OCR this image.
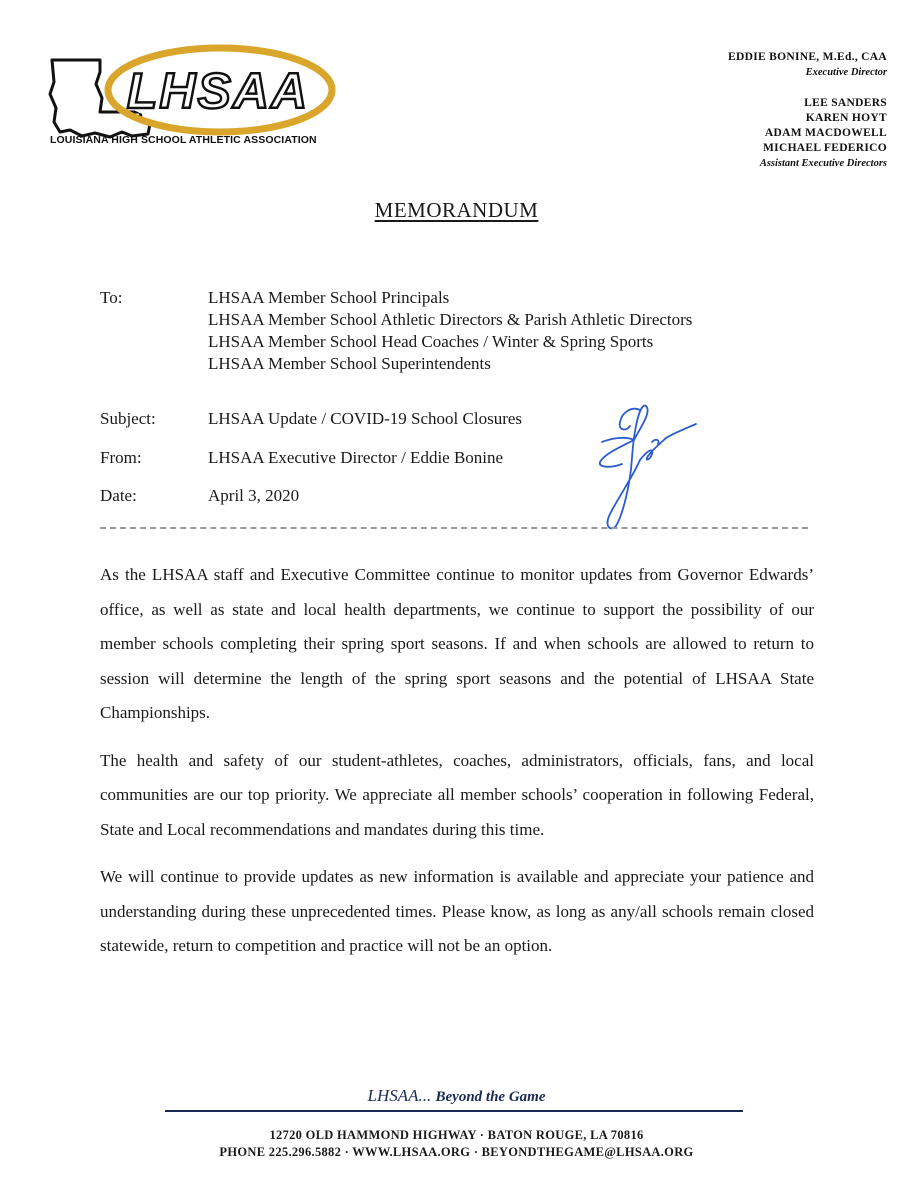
LHSAA
LOUISIANA HIGH SCHOOL ATHLETIC ASSOCIATION
EDDIE BONINE, M.Ed., CAA
Executive Director
LEE SANDERS
KAREN HOYT
ADAM MACDOWELL
MICHAEL FEDERICO
Assistant Executive Directors
MEMORANDUM
To:	LHSAA Member School Principals
LHSAA Member School Athletic Directors & Parish Athletic Directors
LHSAA Member School Head Coaches / Winter & Spring Sports
LHSAA Member School Superintendents
Subject:	LHSAA Update / COVID-19 School Closures
From:	LHSAA Executive Director / Eddie Bonine
Date:	April 3, 2020

As the LHSAA staff and Executive Committee continue to monitor updates from Governor Edwards’ office, as well as state and local health departments, we continue to support the possibility of our member schools completing their spring sport seasons. If and when schools are allowed to return to session will determine the length of the spring sport seasons and the potential of LHSAA State Championships.

The health and safety of our student-athletes, coaches, administrators, officials, fans, and local communities are our top priority. We appreciate all member schools’ cooperation in following Federal, State and Local recommendations and mandates during this time.

We will continue to provide updates as new information is available and appreciate your patience and understanding during these unprecedented times. Please know, as long as any/all schools remain closed statewide, return to competition and practice will not be an option.

LHSAA... Beyond the Game
12720 OLD HAMMOND HIGHWAY · BATON ROUGE, LA 70816
PHONE 225.296.5882 · WWW.LHSAA.ORG · BEYONDTHEGAME@LHSAA.ORG
